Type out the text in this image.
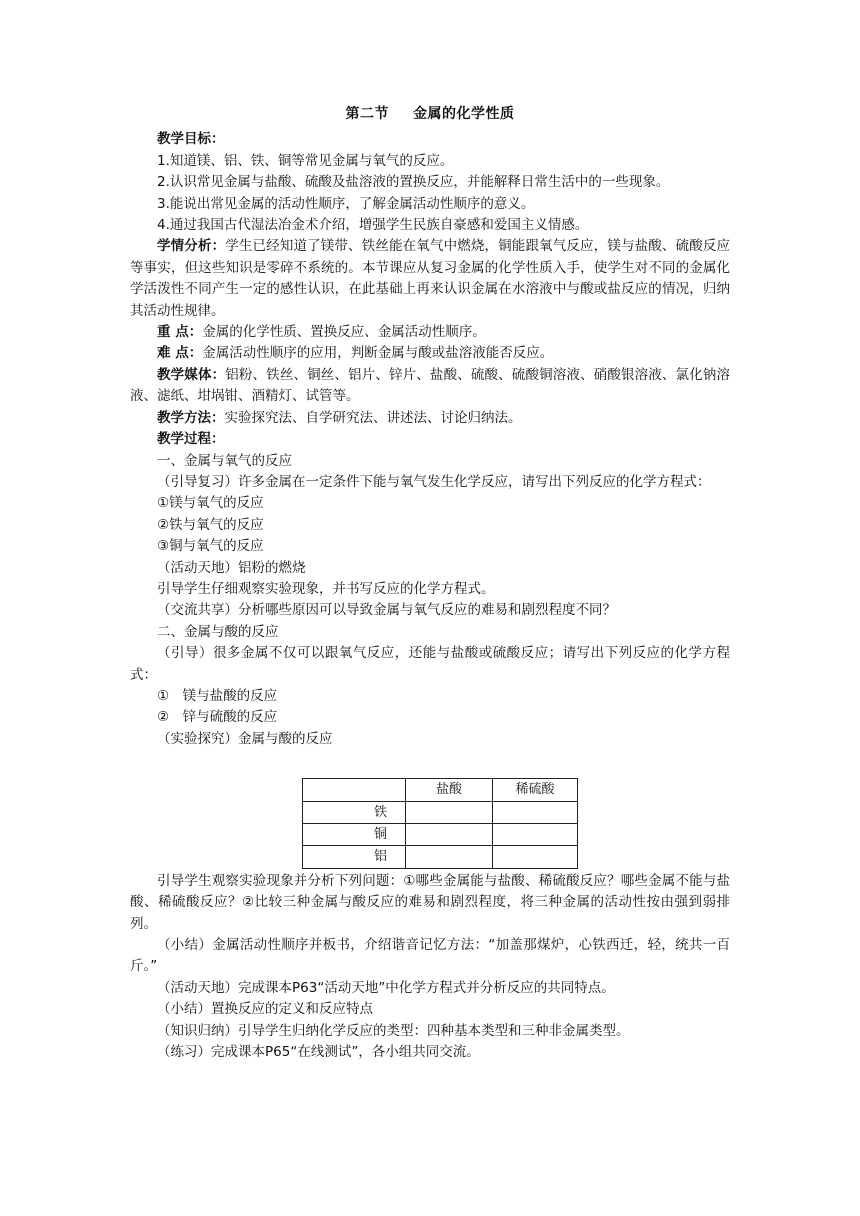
第二节 金属的化学性质

教学目标：

1.知道镁、铝、铁、铜等常见金属与氧气的反应。

2.认识常见金属与盐酸、硫酸及盐溶液的置换反应，并能解释日常生活中的一些现象。

3.能说出常见金属的活动性顺序，了解金属活动性顺序的意义。

4.通过我国古代湿法冶金术介绍，增强学生民族自豪感和爱国主义情感。

学情分析：学生已经知道了镁带、铁丝能在氧气中燃烧，铜能跟氧气反应，镁与盐酸、硫酸反应等事实，但这些知识是零碎不系统的。本节课应从复习金属的化学性质入手，使学生对不同的金属化学活泼性不同产生一定的感性认识，在此基础上再来认识金属在水溶液中与酸或盐反应的情况，归纳其活动性规律。

重 点：金属的化学性质、置换反应、金属活动性顺序。

难 点：金属活动性顺序的应用，判断金属与酸或盐溶液能否反应。

教学媒体：铝粉、铁丝、铜丝、铝片、锌片、盐酸、硫酸、硫酸铜溶液、硝酸银溶液、氯化钠溶液、滤纸、坩埚钳、酒精灯、试管等。

教学方法：实验探究法、自学研究法、讲述法、讨论归纳法。

教学过程：

一、金属与氧气的反应

（引导复习）许多金属在一定条件下能与氧气发生化学反应，请写出下列反应的化学方程式：

①镁与氧气的反应

②铁与氧气的反应

③铜与氧气的反应

（活动天地）铝粉的燃烧

引导学生仔细观察实验现象，并书写反应的化学方程式。

（交流共享）分析哪些原因可以导致金属与氧气反应的难易和剧烈程度不同？

二、金属与酸的反应

（引导）很多金属不仅可以跟氧气反应，还能与盐酸或硫酸反应；请写出下列反应的化学方程式：

①　镁与盐酸的反应

②　锌与硫酸的反应

（实验探究）金属与酸的反应

	盐酸	稀硫酸
铁		
铜		
铝		

引导学生观察实验现象并分析下列问题：①哪些金属能与盐酸、稀硫酸反应？哪些金属不能与盐酸、稀硫酸反应？②比较三种金属与酸反应的难易和剧烈程度，将三种金属的活动性按由强到弱排列。

（小结）金属活动性顺序并板书，介绍谐音记忆方法：“加盖那煤炉，心铁西迁，轻，统共一百斤。”

（活动天地）完成课本P63“活动天地”中化学方程式并分析反应的共同特点。

（小结）置换反应的定义和反应特点

（知识归纳）引导学生归纳化学反应的类型：四种基本类型和三种非金属类型。

（练习）完成课本P65“在线测试”，各小组共同交流。
